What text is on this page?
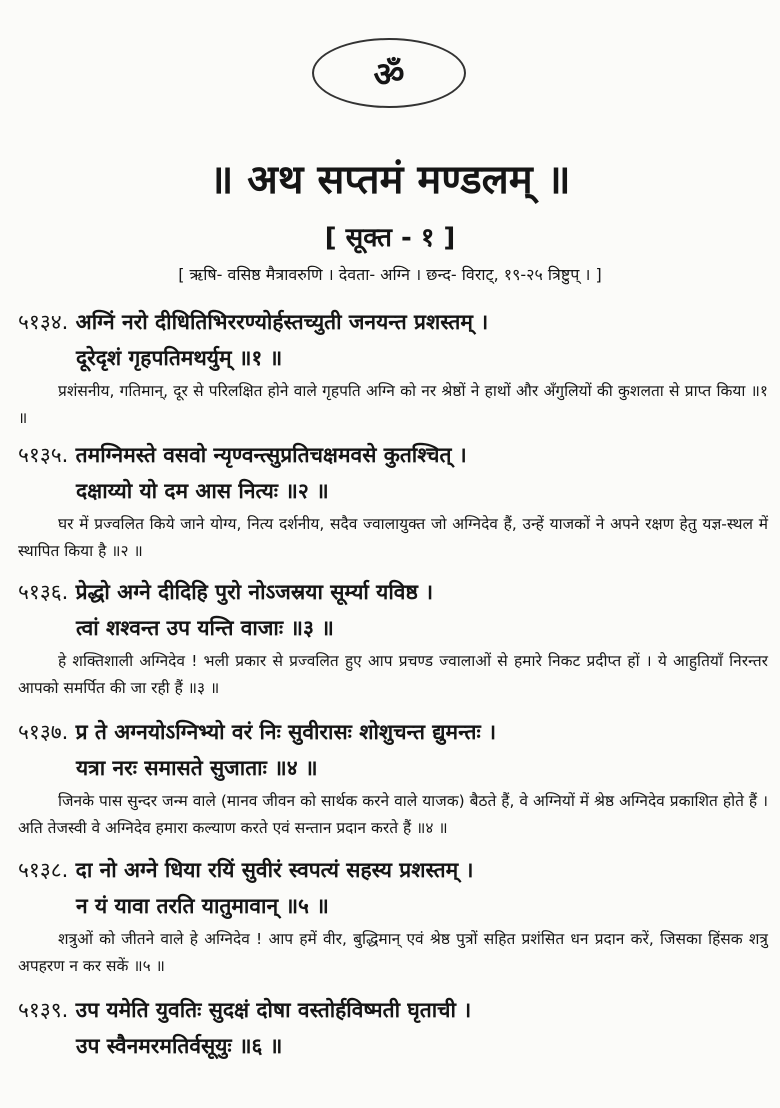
ॐ
॥ अथ सप्तमं मण्डलम् ॥
[ सूक्त - १ ]
[ ऋषि- वसिष्ठ मैत्रावरुणि । देवता- अग्नि । छन्द- विराट्, १९-२५ त्रिष्टुप् । ]
५१३४. अग्निं नरो दीधितिभिररण्योर्हस्तच्युती जनयन्त प्रशस्तम् ।
दूरेदृशं गृहपतिमथर्युम् ॥१ ॥
प्रशंसनीय, गतिमान्, दूर से परिलक्षित होने वाले गृहपति अग्नि को नर श्रेष्ठों ने हाथों और अँगुलियों की कुशलता से प्राप्त किया ॥१ ॥
५१३५. तमग्निमस्ते वसवो न्यृण्वन्त्सुप्रतिचक्षमवसे कुतश्चित् ।
दक्षाय्यो यो दम आस नित्यः ॥२ ॥
घर में प्रज्वलित किये जाने योग्य, नित्य दर्शनीय, सदैव ज्वालायुक्त जो अग्निदेव हैं, उन्हें याजकों ने अपने रक्षण हेतु यज्ञ-स्थल में स्थापित किया है ॥२ ॥
५१३६. प्रेद्धो अग्ने दीदिहि पुरो नोऽजस्रया सूर्म्या यविष्ठ ।
त्वां शश्वन्त उप यन्ति वाजाः ॥३ ॥
हे शक्तिशाली अग्निदेव ! भली प्रकार से प्रज्वलित हुए आप प्रचण्ड ज्वालाओं से हमारे निकट प्रदीप्त हों । ये आहुतियाँ निरन्तर आपको समर्पित की जा रही हैं ॥३ ॥
५१३७. प्र ते अग्नयोऽग्निभ्यो वरं निः सुवीरासः शोशुचन्त द्युमन्तः ।
यत्रा नरः समासते सुजाताः ॥४ ॥
जिनके पास सुन्दर जन्म वाले (मानव जीवन को सार्थक करने वाले याजक) बैठते हैं, वे अग्नियों में श्रेष्ठ अग्निदेव प्रकाशित होते हैं । अति तेजस्वी वे अग्निदेव हमारा कल्याण करते एवं सन्तान प्रदान करते हैं ॥४ ॥
५१३८. दा नो अग्ने धिया रयिं सुवीरं स्वपत्यं सहस्य प्रशस्तम् ।
न यं यावा तरति यातुमावान् ॥५ ॥
शत्रुओं को जीतने वाले हे अग्निदेव ! आप हमें वीर, बुद्धिमान् एवं श्रेष्ठ पुत्रों सहित प्रशंसित धन प्रदान करें, जिसका हिंसक शत्रु अपहरण न कर सकें ॥५ ॥
५१३९. उप यमेति युवतिः सुदक्षं दोषा वस्तोर्हविष्मती घृताची ।
उप स्वैनमरमतिर्वसूयुः ॥६ ॥
